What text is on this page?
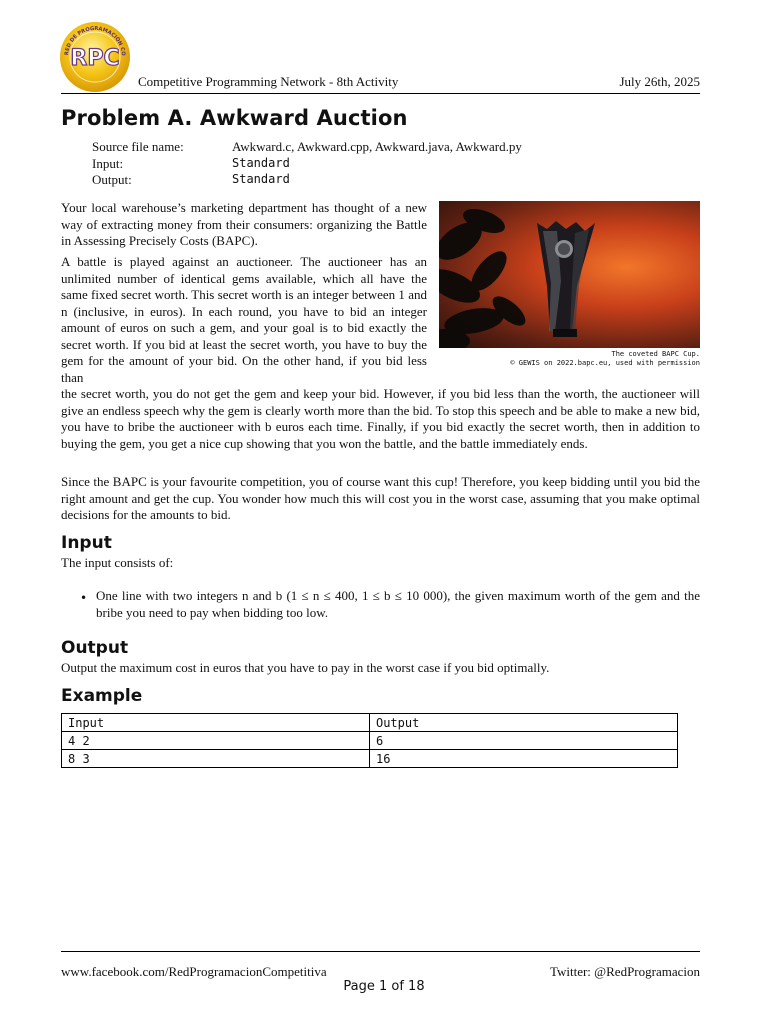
RED DE PROGRAMACIÓN CO
RPC
Competitive Programming Network - 8th Activity	July 26th, 2025
Problem A. Awkward Auction
Source file name:	Awkward.c, Awkward.cpp, Awkward.java, Awkward.py
Input:	Standard
Output:	Standard
Your local warehouse’s marketing department has thought of a new way of extracting money from their consumers: organizing the Battle in Assessing Precisely Costs (BAPC).
A battle is played against an auctioneer. The auctioneer has an unlimited number of identical gems available, which all have the same fixed secret worth. This secret worth is an integer between 1 and n (inclusive, in euros). In each round, you have to bid an integer amount of euros on such a gem, and your goal is to bid exactly the secret worth. If you bid at least the secret worth, you have to buy the gem for the amount of your bid. On the other hand, if you bid less than
the secret worth, you do not get the gem and keep your bid. However, if you bid less than the worth, the auctioneer will give an endless speech why the gem is clearly worth more than the bid. To stop this speech and be able to make a new bid, you have to bribe the auctioneer with b euros each time. Finally, if you bid exactly the secret worth, then in addition to buying the gem, you get a nice cup showing that you won the battle, and the battle immediately ends.
The coveted BAPC Cup.
© GEWIS on 2022.bapc.eu, used with permission
Since the BAPC is your favourite competition, you of course want this cup! Therefore, you keep bidding until you bid the right amount and get the cup. You wonder how much this will cost you in the worst case, assuming that you make optimal decisions for the amounts to bid.
Input
The input consists of:
• One line with two integers n and b (1 ≤ n ≤ 400, 1 ≤ b ≤ 10 000), the given maximum worth of the gem and the bribe you need to pay when bidding too low.
Output
Output the maximum cost in euros that you have to pay in the worst case if you bid optimally.
Example
Input	Output
4 2	6
8 3	16
www.facebook.com/RedProgramacionCompetitiva	Twitter: @RedProgramacion
Page 1 of 18
